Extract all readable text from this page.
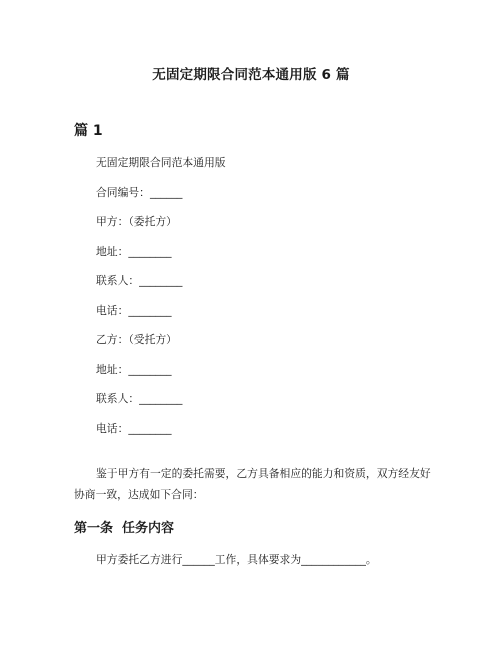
无固定期限合同范本通用版 6 篇
篇 1
无固定期限合同范本通用版
合同编号：______
甲方：（委托方）
地址：________
联系人：________
电话：________
乙方：（受托方）
地址：________
联系人：________
电话：________

鉴于甲方有一定的委托需要，乙方具备相应的能力和资质，双方经友好协商一致，达成如下合同：

第一条  任务内容
甲方委托乙方进行______工作，具体要求为____________。
